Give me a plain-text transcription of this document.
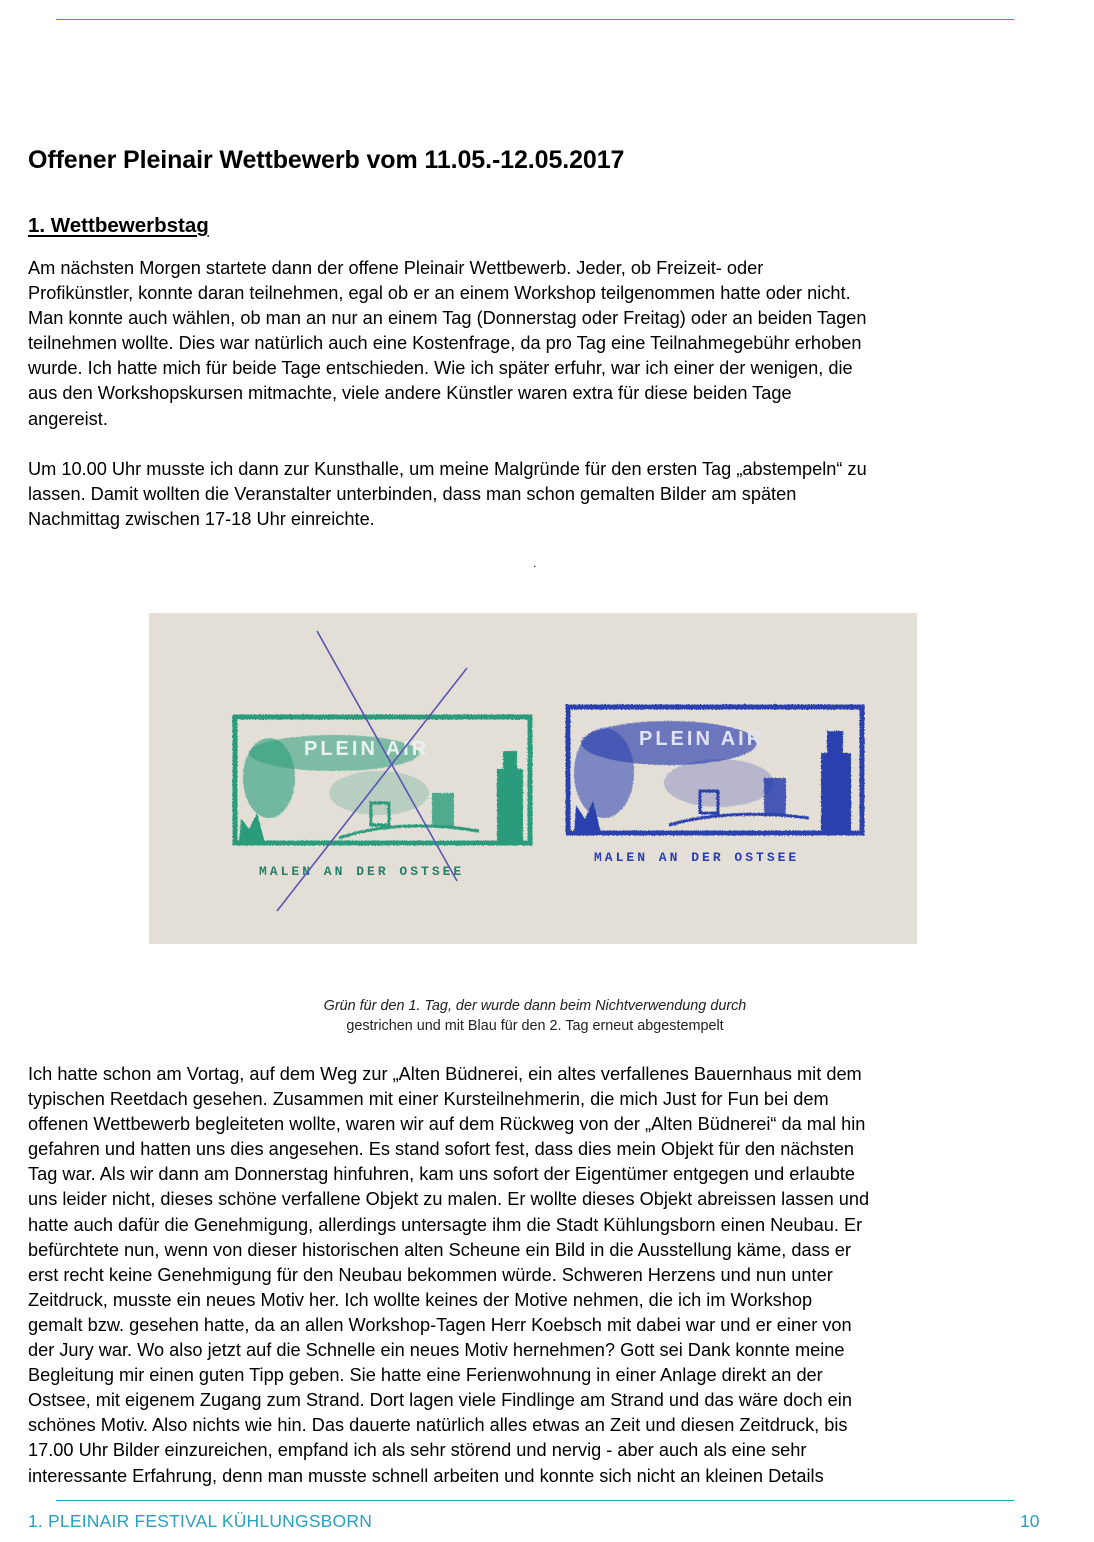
Offener Pleinair Wettbewerb vom 11.05.-12.05.2017
1. Wettbewerbstag

Am nächsten Morgen startete dann der offene Pleinair Wettbewerb. Jeder, ob Freizeit- oder
Profikünstler, konnte daran teilnehmen, egal ob er an einem Workshop teilgenommen hatte oder nicht.
Man konnte auch wählen, ob man an nur an einem Tag (Donnerstag oder Freitag) oder an beiden Tagen
teilnehmen wollte. Dies war natürlich auch eine Kostenfrage, da pro Tag eine Teilnahmegebühr erhoben
wurde. Ich hatte mich für beide Tage entschieden. Wie ich später erfuhr, war ich einer der wenigen, die
aus den Workshopskursen mitmachte, viele andere Künstler waren extra für diese beiden Tage
angereist.

Um 10.00 Uhr musste ich dann zur Kunsthalle, um meine Malgründe für den ersten Tag „abstempeln“ zu
lassen. Damit wollten die Veranstalter unterbinden, dass man schon gemalten Bilder am späten
Nachmittag zwischen 17-18 Uhr einreichte.

.
PLEIN AIR
MALEN AN DER OSTSEE
PLEIN AIR
MALEN AN DER OSTSEE
Grün für den 1. Tag, der wurde dann beim Nichtverwendung durch
gestrichen und mit Blau für den 2. Tag erneut abgestempelt

Ich hatte schon am Vortag, auf dem Weg zur „Alten Büdnerei, ein altes verfallenes Bauernhaus mit dem
typischen Reetdach gesehen. Zusammen mit einer Kursteilnehmerin, die mich Just for Fun bei dem
offenen Wettbewerb begleiteten wollte, waren wir auf dem Rückweg von der „Alten Büdnerei“ da mal hin
gefahren und hatten uns dies angesehen. Es stand sofort fest, dass dies mein Objekt für den nächsten
Tag war. Als wir dann am Donnerstag hinfuhren, kam uns sofort der Eigentümer entgegen und erlaubte
uns leider nicht, dieses schöne verfallene Objekt zu malen. Er wollte dieses Objekt abreissen lassen und
hatte auch dafür die Genehmigung, allerdings untersagte ihm die Stadt Kühlungsborn einen Neubau. Er
befürchtete nun, wenn von dieser historischen alten Scheune ein Bild in die Ausstellung käme, dass er
erst recht keine Genehmigung für den Neubau bekommen würde. Schweren Herzens und nun unter
Zeitdruck, musste ein neues Motiv her. Ich wollte keines der Motive nehmen, die ich im Workshop
gemalt bzw. gesehen hatte, da an allen Workshop-Tagen Herr Koebsch mit dabei war und er einer von
der Jury war. Wo also jetzt auf die Schnelle ein neues Motiv hernehmen? Gott sei Dank konnte meine
Begleitung mir einen guten Tipp geben. Sie hatte eine Ferienwohnung in einer Anlage direkt an der
Ostsee, mit eigenem Zugang zum Strand. Dort lagen viele Findlinge am Strand und das wäre doch ein
schönes Motiv. Also nichts wie hin. Das dauerte natürlich alles etwas an Zeit und diesen Zeitdruck, bis
17.00 Uhr Bilder einzureichen, empfand ich als sehr störend und nervig - aber auch als eine sehr
interessante Erfahrung, denn man musste schnell arbeiten und konnte sich nicht an kleinen Details

1. PLEINAIR FESTIVAL KÜHLUNGSBORN	10
